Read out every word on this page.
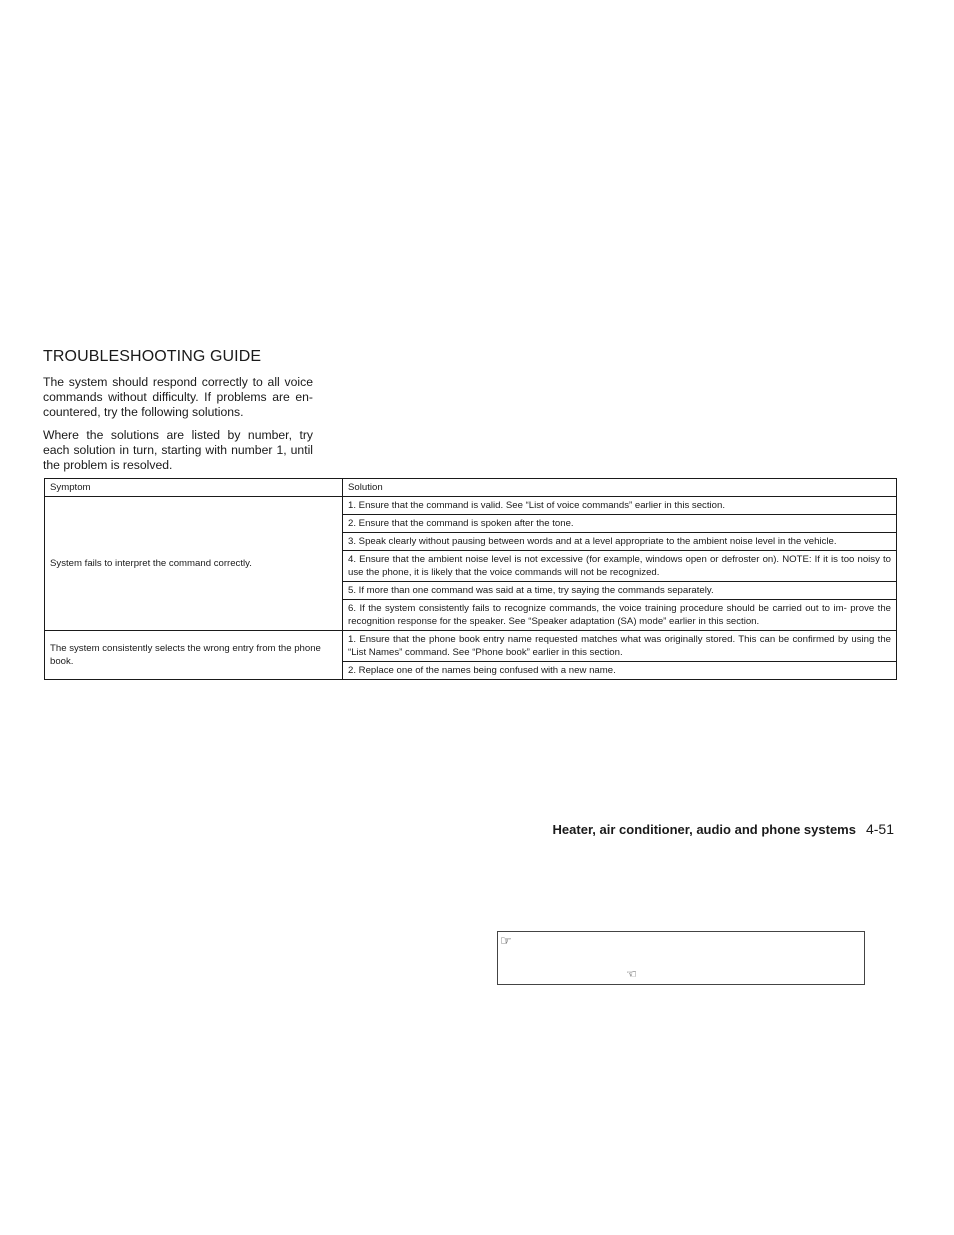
TROUBLESHOOTING GUIDE

The system should respond correctly to all voice commands without difficulty. If problems are en- countered, try the following solutions.

Where the solutions are listed by number, try each solution in turn, starting with number 1, until the problem is resolved.

Symptom	Solution
System fails to interpret the command correctly.	1. Ensure that the command is valid. See “List of voice commands” earlier in this section.
	2. Ensure that the command is spoken after the tone.
	3. Speak clearly without pausing between words and at a level appropriate to the ambient noise level in the vehicle.
	4. Ensure that the ambient noise level is not excessive (for example, windows open or defroster on). NOTE: If it is too noisy to use the phone, it is likely that the voice commands will not be recognized.
	5. If more than one command was said at a time, try saying the commands separately.
	6. If the system consistently fails to recognize commands, the voice training procedure should be carried out to im- prove the recognition response for the speaker. See “Speaker adaptation (SA) mode” earlier in this section.
The system consistently selects the wrong entry from the phone book.	1. Ensure that the phone book entry name requested matches what was originally stored. This can be confirmed by using the “List Names” command. See “Phone book” earlier in this section.
	2. Replace one of the names being confused with a new name.
Heater, air conditioner, audio and phone systems 4-51
☞
☜
